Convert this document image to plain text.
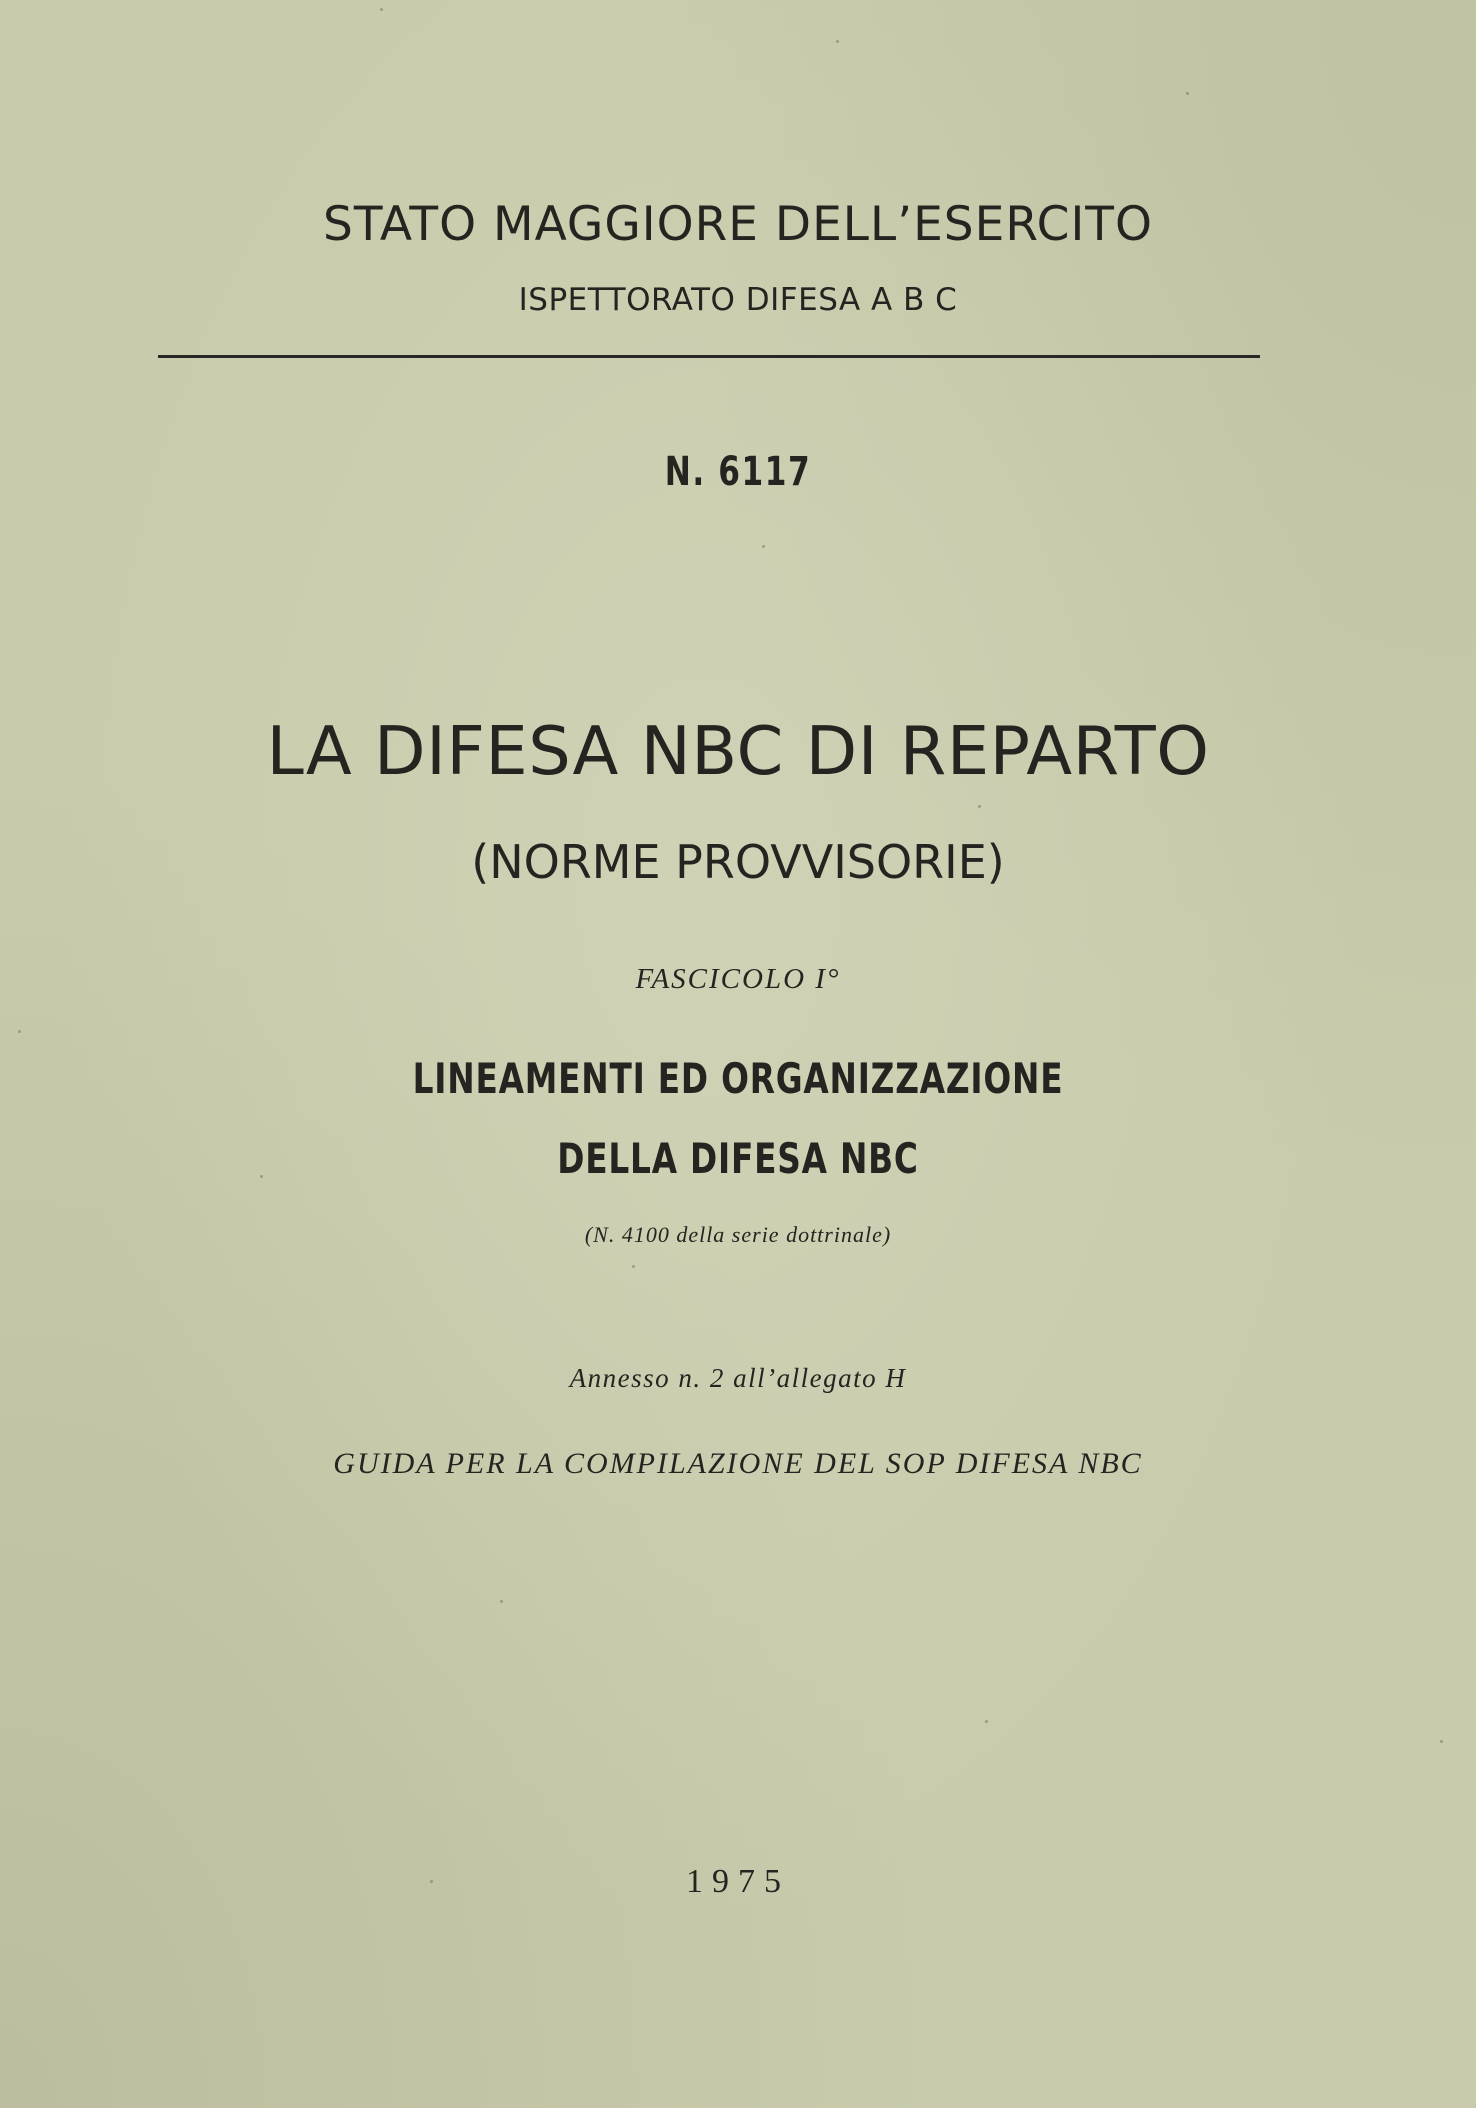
STATO MAGGIORE DELL’ESERCITO
ISPETTORATO DIFESA A B C
N. 6117
LA DIFESA NBC DI REPARTO
(NORME PROVVISORIE)
FASCICOLO I°
LINEAMENTI ED ORGANIZZAZIONE
DELLA DIFESA NBC
(N. 4100 della serie dottrinale)
Annesso n. 2 all’allegato H
GUIDA PER LA COMPILAZIONE DEL SOP DIFESA NBC
1975
